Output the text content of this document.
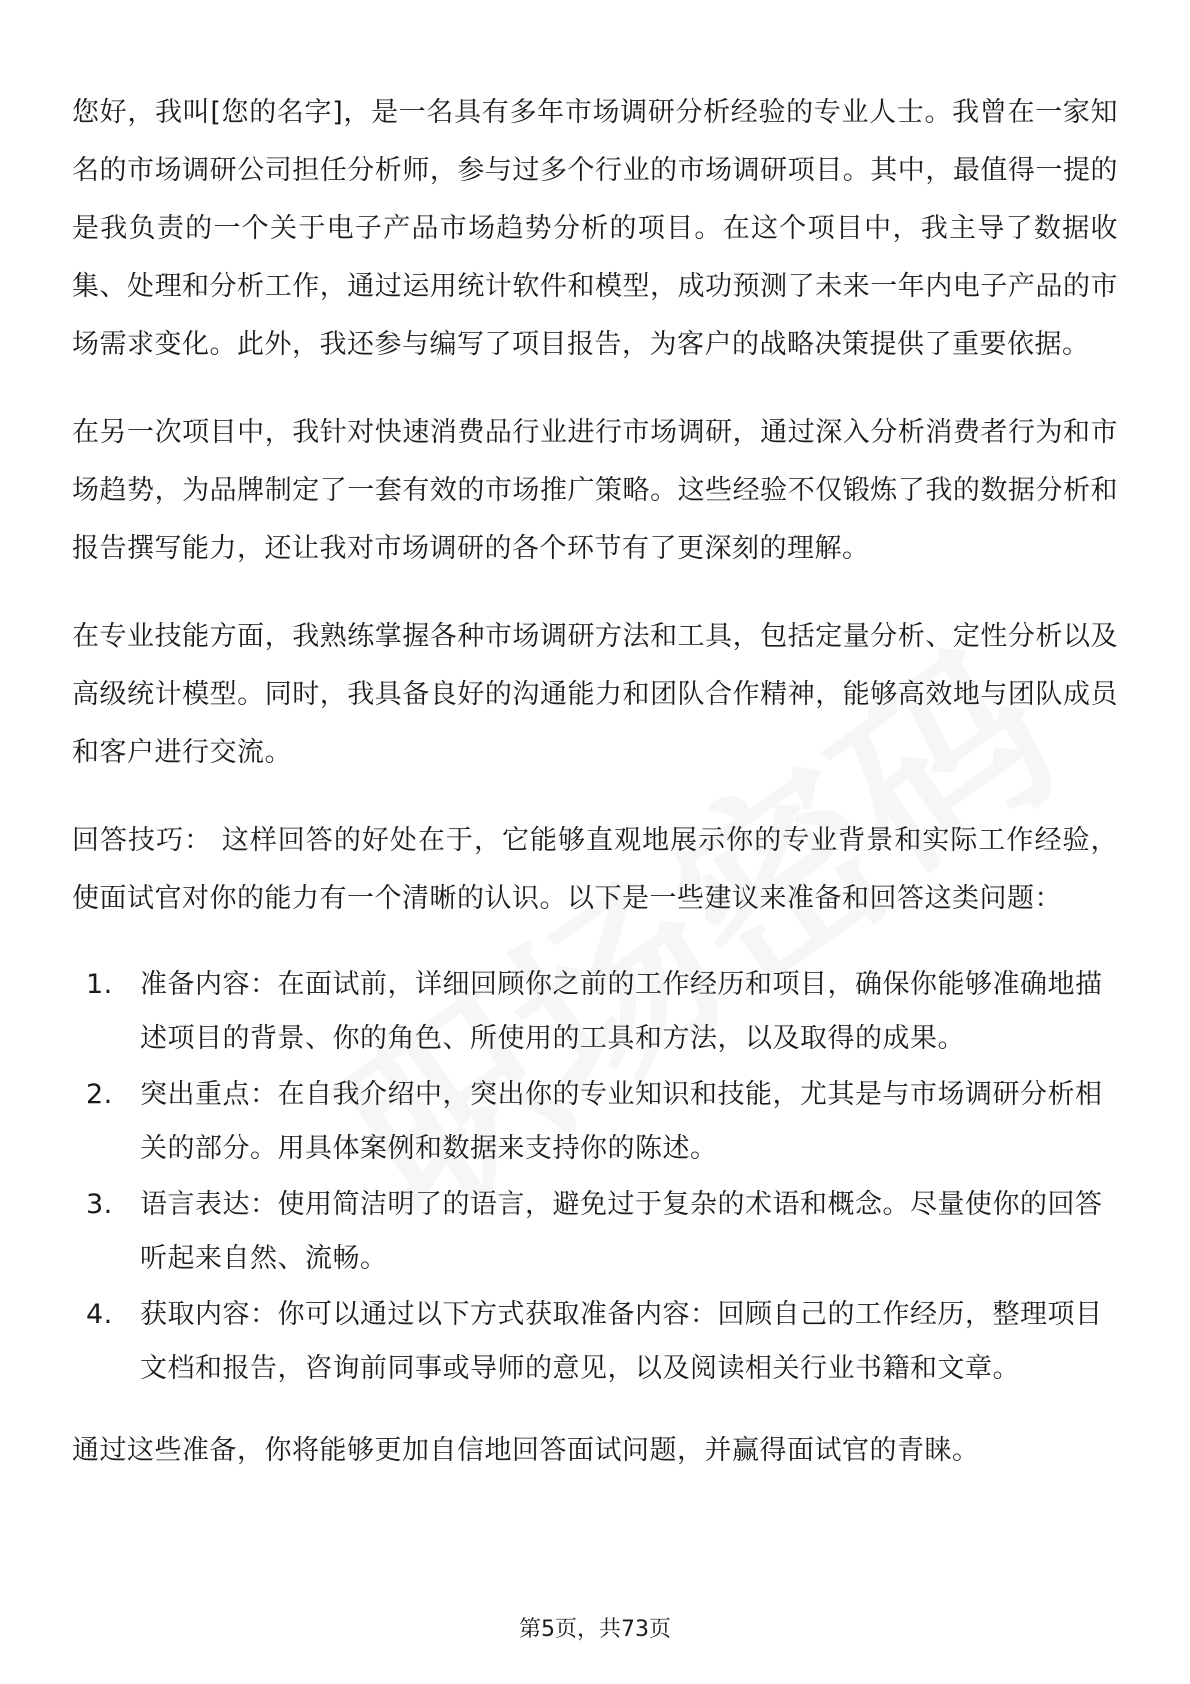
您好，我叫[您的名字]，是一名具有多年市场调研分析经验的专业人士。我曾在一家知名的市场调研公司担任分析师，参与过多个行业的市场调研项目。其中，最值得一提的是我负责的一个关于电子产品市场趋势分析的项目。在这个项目中，我主导了数据收集、处理和分析工作，通过运用统计软件和模型，成功预测了未来一年内电子产品的市场需求变化。此外，我还参与编写了项目报告，为客户的战略决策提供了重要依据。

在另一次项目中，我针对快速消费品行业进行市场调研，通过深入分析消费者行为和市场趋势，为品牌制定了一套有效的市场推广策略。这些经验不仅锻炼了我的数据分析和报告撰写能力，还让我对市场调研的各个环节有了更深刻的理解。

在专业技能方面，我熟练掌握各种市场调研方法和工具，包括定量分析、定性分析以及高级统计模型。同时，我具备良好的沟通能力和团队合作精神，能够高效地与团队成员和客户进行交流。

回答技巧： 这样回答的好处在于，它能够直观地展示你的专业背景和实际工作经验，使面试官对你的能力有一个清晰的认识。以下是一些建议来准备和回答这类问题：

1. 准备内容：在面试前，详细回顾你之前的工作经历和项目，确保你能够准确地描述项目的背景、你的角色、所使用的工具和方法，以及取得的成果。
2. 突出重点：在自我介绍中，突出你的专业知识和技能，尤其是与市场调研分析相关的部分。用具体案例和数据来支持你的陈述。
3. 语言表达：使用简洁明了的语言，避免过于复杂的术语和概念。尽量使你的回答听起来自然、流畅。
4. 获取内容：你可以通过以下方式获取准备内容：回顾自己的工作经历，整理项目文档和报告，咨询前同事或导师的意见，以及阅读相关行业书籍和文章。

通过这些准备，你将能够更加自信地回答面试问题，并赢得面试官的青睐。

第5页，共73页
